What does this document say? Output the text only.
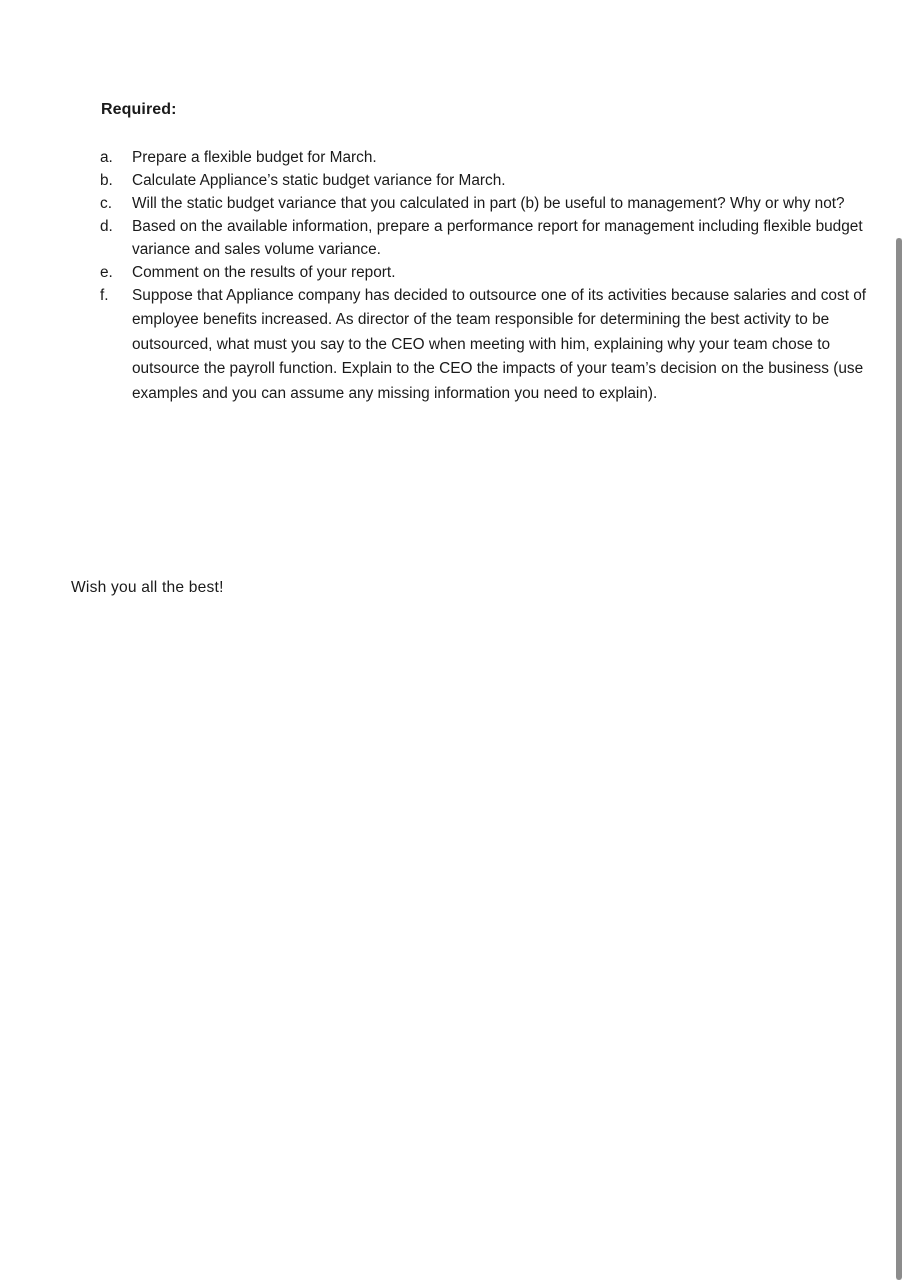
Required:
a.	Prepare a flexible budget for March.
b.	Calculate Appliance’s static budget variance for March.
c.	Will the static budget variance that you calculated in part (b) be useful to management? Why or why not?
d.	Based on the available information, prepare a performance report for management including flexible budget variance and sales volume variance.
e.	Comment on the results of your report.
f.	Suppose that Appliance company has decided to outsource one of its activities because salaries and cost of employee benefits increased. As director of the team responsible for determining the best activity to be outsourced, what must you say to the CEO when meeting with him, explaining why your team chose to outsource the payroll function. Explain to the CEO the impacts of your team’s decision on the business (use examples and you can assume any missing information you need to explain).
Wish you all the best!
